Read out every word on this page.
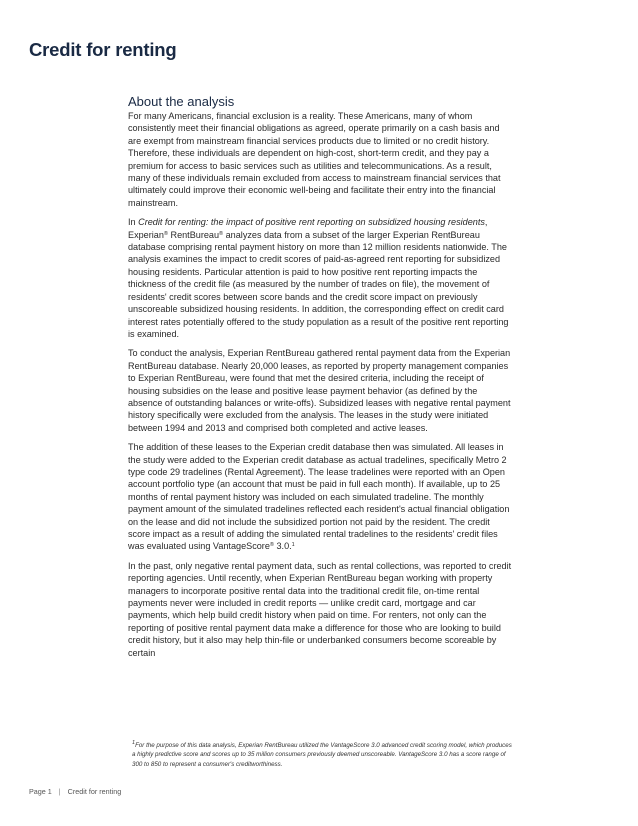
Credit for renting
About the analysis

For many Americans, financial exclusion is a reality. These Americans, many of whom consistently meet their financial obligations as agreed, operate primarily on a cash basis and are exempt from mainstream financial services products due to limited or no credit history. Therefore, these individuals are dependent on high-cost, short-term credit, and they pay a premium for access to basic services such as utilities and telecommunications. As a result, many of these individuals remain excluded from access to mainstream financial services that ultimately could improve their economic well-being and facilitate their entry into the financial mainstream.

In Credit for renting: the impact of positive rent reporting on subsidized housing residents, Experian® RentBureau® analyzes data from a subset of the larger Experian RentBureau database comprising rental payment history on more than 12 million residents nationwide. The analysis examines the impact to credit scores of paid-as-agreed rent reporting for subsidized housing residents. Particular attention is paid to how positive rent reporting impacts the thickness of the credit file (as measured by the number of trades on file), the movement of residents' credit scores between score bands and the credit score impact on previously unscoreable subsidized housing residents. In addition, the corresponding effect on credit card interest rates potentially offered to the study population as a result of the positive rent reporting is examined.

To conduct the analysis, Experian RentBureau gathered rental payment data from the Experian RentBureau database. Nearly 20,000 leases, as reported by property management companies to Experian RentBureau, were found that met the desired criteria, including the receipt of housing subsidies on the lease and positive lease payment behavior (as defined by the absence of outstanding balances or write-offs). Subsidized leases with negative rental payment history specifically were excluded from the analysis. The leases in the study were initiated between 1994 and 2013 and comprised both completed and active leases.

The addition of these leases to the Experian credit database then was simulated. All leases in the study were added to the Experian credit database as actual tradelines, specifically Metro 2 type code 29 tradelines (Rental Agreement). The lease tradelines were reported with an Open account portfolio type (an account that must be paid in full each month). If available, up to 25 months of rental payment history was included on each simulated tradeline. The monthly payment amount of the simulated tradelines reflected each resident's actual financial obligation on the lease and did not include the subsidized portion not paid by the resident. The credit score impact as a result of adding the simulated rental tradelines to the residents' credit files was evaluated using VantageScore® 3.0.$^1$

In the past, only negative rental payment data, such as rental collections, was reported to credit reporting agencies. Until recently, when Experian RentBureau began working with property managers to incorporate positive rental data into the traditional credit file, on-time rental payments never were included in credit reports — unlike credit card, mortgage and car payments, which help build credit history when paid on time. For renters, not only can the reporting of positive rental payment data make a difference for those who are looking to build credit history, but it also may help thin-file or underbanked consumers become scoreable by certain

$^1$For the purpose of this data analysis, Experian RentBureau utilized the VantageScore 3.0 advanced credit scoring model, which produces a highly predictive score and scores up to 35 million consumers previously deemed unscoreable. VantageScore 3.0 has a score range of 300 to 850 to represent a consumer's creditworthiness.
Page 1 | Credit for renting
